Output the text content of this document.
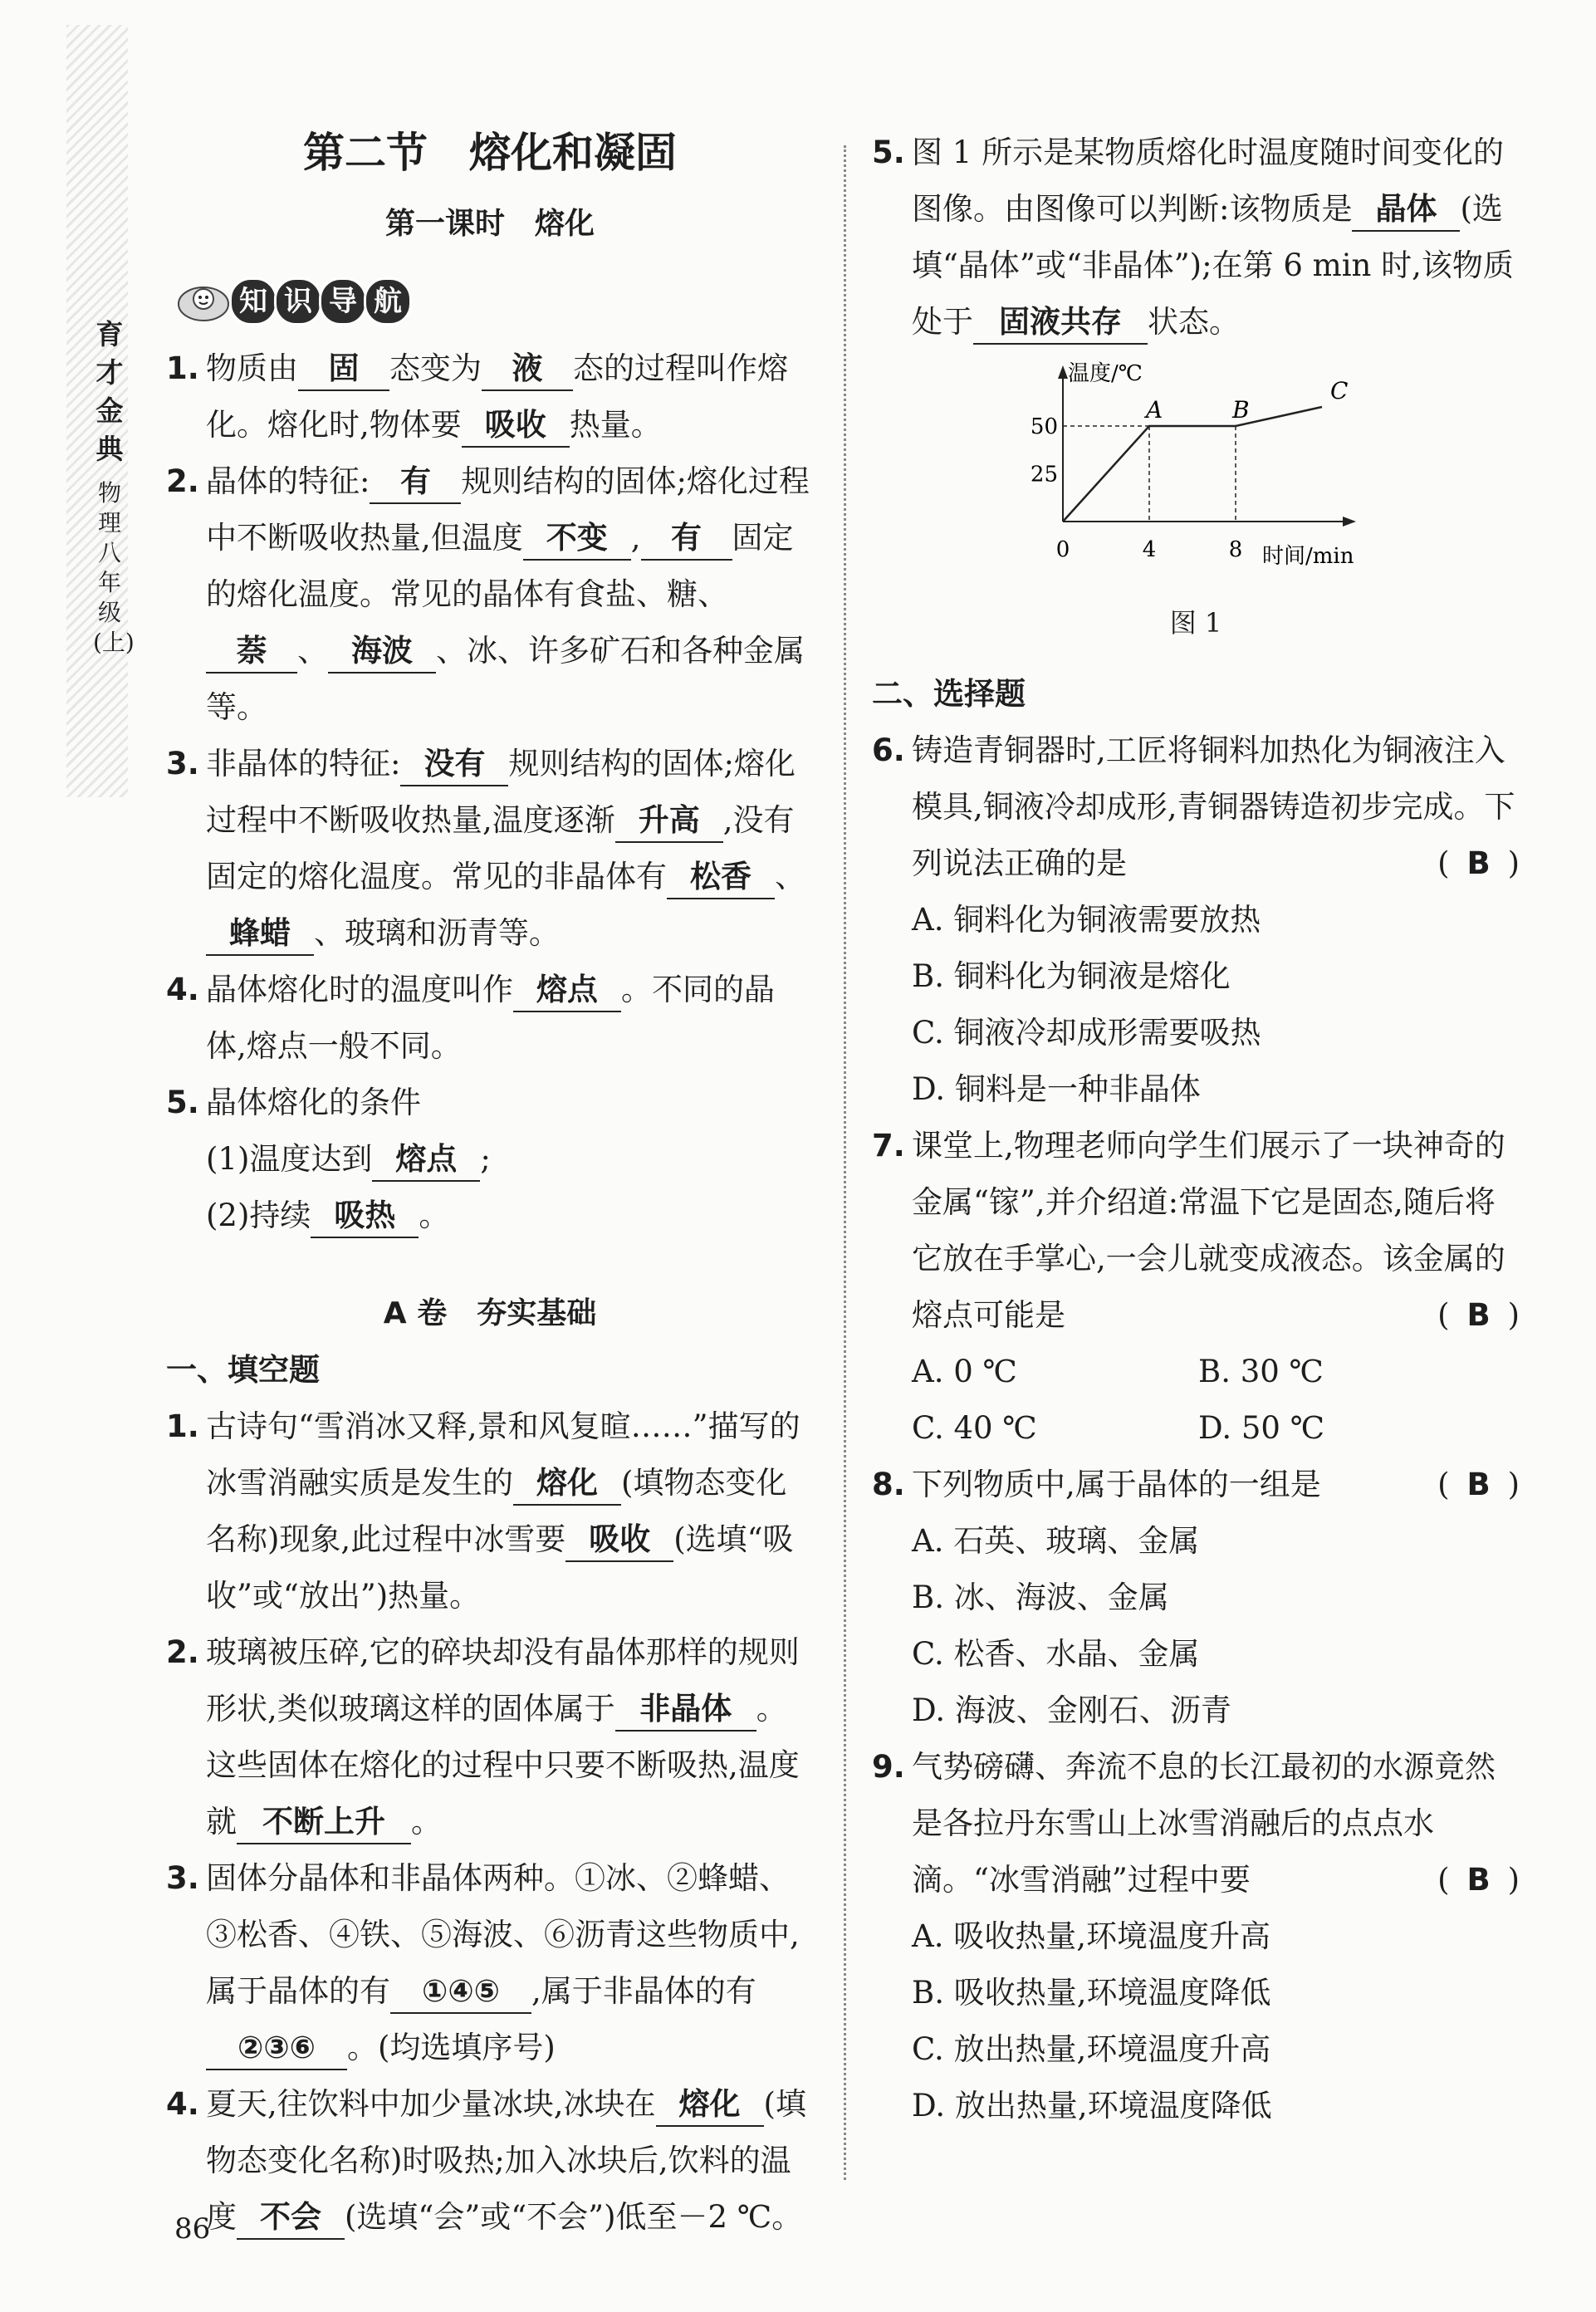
育才金典
物理 八年级(上)
第二节　熔化和凝固
第一课时　熔化
知 识 导 航
1. 物质由 固 态变为 液 态的过程叫作熔化。熔化时,物体要 吸收 热量。
2. 晶体的特征: 有 规则结构的固体;熔化过程中不断吸收热量,但温度 不变 , 有 固定的熔化温度。常见的晶体有食盐、糖、萘 、 海波 、冰、许多矿石和各种金属等。
3. 非晶体的特征: 没有 规则结构的固体;熔化过程中不断吸收热量,温度逐渐 升高 ,没有固定的熔化温度。常见的非晶体有 松香 、蜂蜡 、玻璃和沥青等。
4. 晶体熔化时的温度叫作 熔点 。不同的晶体,熔点一般不同。
5. 晶体熔化的条件
(1)温度达到 熔点 ;
(2)持续 吸热 。
A 卷　夯实基础
一、填空题
1. 古诗句“雪消冰又释,景和风复暄……”描写的冰雪消融实质是发生的 熔化 (填物态变化名称)现象,此过程中冰雪要 吸收 (选填“吸收”或“放出”)热量。
2. 玻璃被压碎,它的碎块却没有晶体那样的规则形状,类似玻璃这样的固体属于 非晶体 。这些固体在熔化的过程中只要不断吸热,温度就 不断上升 。
3. 固体分晶体和非晶体两种。①冰、②蜂蜡、③松香、④铁、⑤海波、⑥沥青这些物质中,属于晶体的有 ①④⑤ ,属于非晶体的有②③⑥ 。(均选填序号)
4. 夏天,往饮料中加少量冰块,冰块在 熔化 (填物态变化名称)时吸热;加入冰块后,饮料的温度 不会 (选填“会”或“不会”)低至－2 ℃。
5. 图 1 所示是某物质熔化时温度随时间变化的图像。由图像可以判断:该物质是 晶体 (选填“晶体”或“非晶体”);在第 6 min 时,该物质处于 固液共存 状态。
温度/℃
时间/min
0	4	8
25
50
A	B
C
图 1
二、选择题
6. 铸造青铜器时,工匠将铜料加热化为铜液注入模具,铜液冷却成形,青铜器铸造初步完成。下列说法正确的是	( B )
A. 铜料化为铜液需要放热
B. 铜料化为铜液是熔化
C. 铜液冷却成形需要吸热
D. 铜料是一种非晶体
7. 课堂上,物理老师向学生们展示了一块神奇的金属“镓”,并介绍道:常温下它是固态,随后将它放在手掌心,一会儿就变成液态。该金属的熔点可能是	( B )
A. 0 ℃	B. 30 ℃
C. 40 ℃	D. 50 ℃
8. 下列物质中,属于晶体的一组是	( B )
A. 石英、玻璃、金属
B. 冰、海波、金属
C. 松香、水晶、金属
D. 海波、金刚石、沥青
9. 气势磅礴、奔流不息的长江最初的水源竟然是各拉丹东雪山上冰雪消融后的点点水滴。“冰雪消融”过程中要	( B )
A. 吸收热量,环境温度升高
B. 吸收热量,环境温度降低
C. 放出热量,环境温度升高
D. 放出热量,环境温度降低
86
